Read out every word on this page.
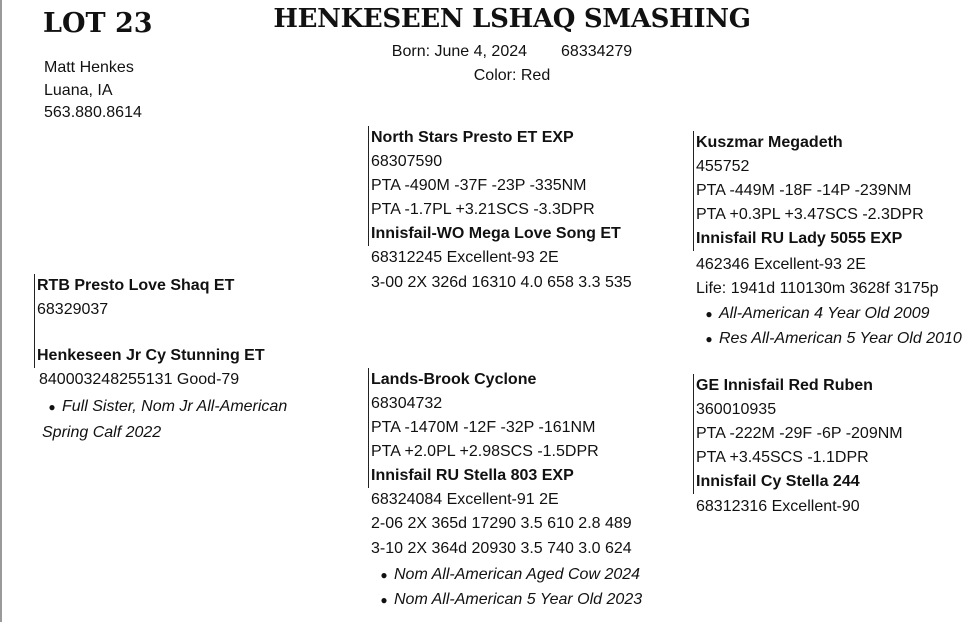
LOT 23
Matt Henkes
Luana, IA
563.880.8614
HENKESEEN LSHAQ SMASHING
Born: June 4, 2024 68334279
Color: Red
RTB Presto Love Shaq ET
68329037
Henkeseen Jr Cy Stunning ET
840003248255131 Good-79
● Full Sister, Nom Jr All-American Spring Calf 2022
North Stars Presto ET EXP
68307590
PTA -490M -37F -23P -335NM
PTA -1.7PL +3.21SCS -3.3DPR
Innisfail-WO Mega Love Song ET
68312245 Excellent-93 2E
3-00 2X 326d 16310 4.0 658 3.3 535
Kuszmar Megadeth
455752
PTA -449M -18F -14P -239NM
PTA +0.3PL +3.47SCS -2.3DPR
Innisfail RU Lady 5055 EXP
462346 Excellent-93 2E
Life: 1941d 110130m 3628f 3175p
● All-American 4 Year Old 2009
● Res All-American 5 Year Old 2010
Lands-Brook Cyclone
68304732
PTA -1470M -12F -32P -161NM
PTA +2.0PL +2.98SCS -1.5DPR
Innisfail RU Stella 803 EXP
68324084 Excellent-91 2E
2-06 2X 365d 17290 3.5 610 2.8 489
3-10 2X 364d 20930 3.5 740 3.0 624
● Nom All-American Aged Cow 2024
● Nom All-American 5 Year Old 2023
GE Innisfail Red Ruben
360010935
PTA -222M -29F -6P -209NM
PTA +3.45SCS -1.1DPR
Innisfail Cy Stella 244
68312316 Excellent-90
